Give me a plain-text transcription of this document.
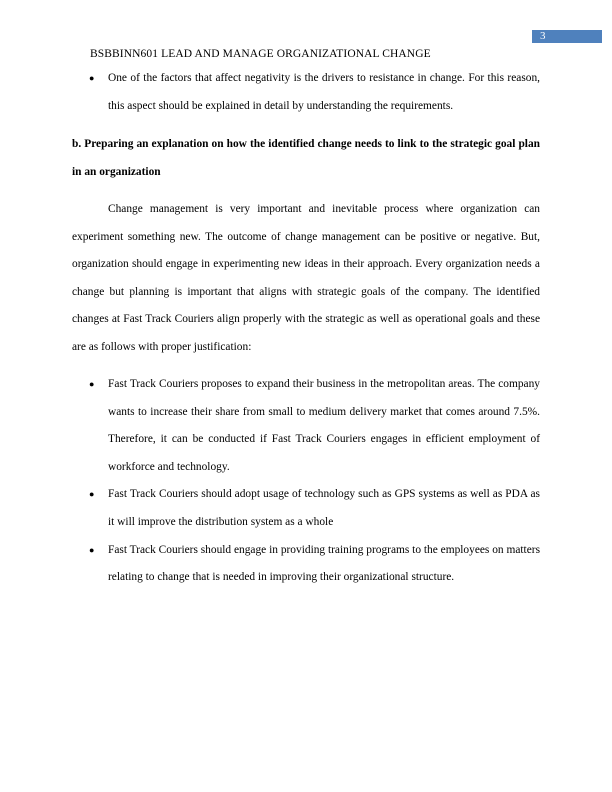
3
BSBBINN601 LEAD AND MANAGE ORGANIZATIONAL CHANGE
● One of the factors that affect negativity is the drivers to resistance in change. For this reason, this aspect should be explained in detail by understanding the requirements.
b. Preparing an explanation on how the identified change needs to link to the strategic goal plan in an organization
Change management is very important and inevitable process where organization can experiment something new. The outcome of change management can be positive or negative. But, organization should engage in experimenting new ideas in their approach. Every organization needs a change but planning is important that aligns with strategic goals of the company. The identified changes at Fast Track Couriers align properly with the strategic as well as operational goals and these are as follows with proper justification:
● Fast Track Couriers proposes to expand their business in the metropolitan areas. The company wants to increase their share from small to medium delivery market that comes around 7.5%. Therefore, it can be conducted if Fast Track Couriers engages in efficient employment of workforce and technology.
● Fast Track Couriers should adopt usage of technology such as GPS systems as well as PDA as it will improve the distribution system as a whole
● Fast Track Couriers should engage in providing training programs to the employees on matters relating to change that is needed in improving their organizational structure.
